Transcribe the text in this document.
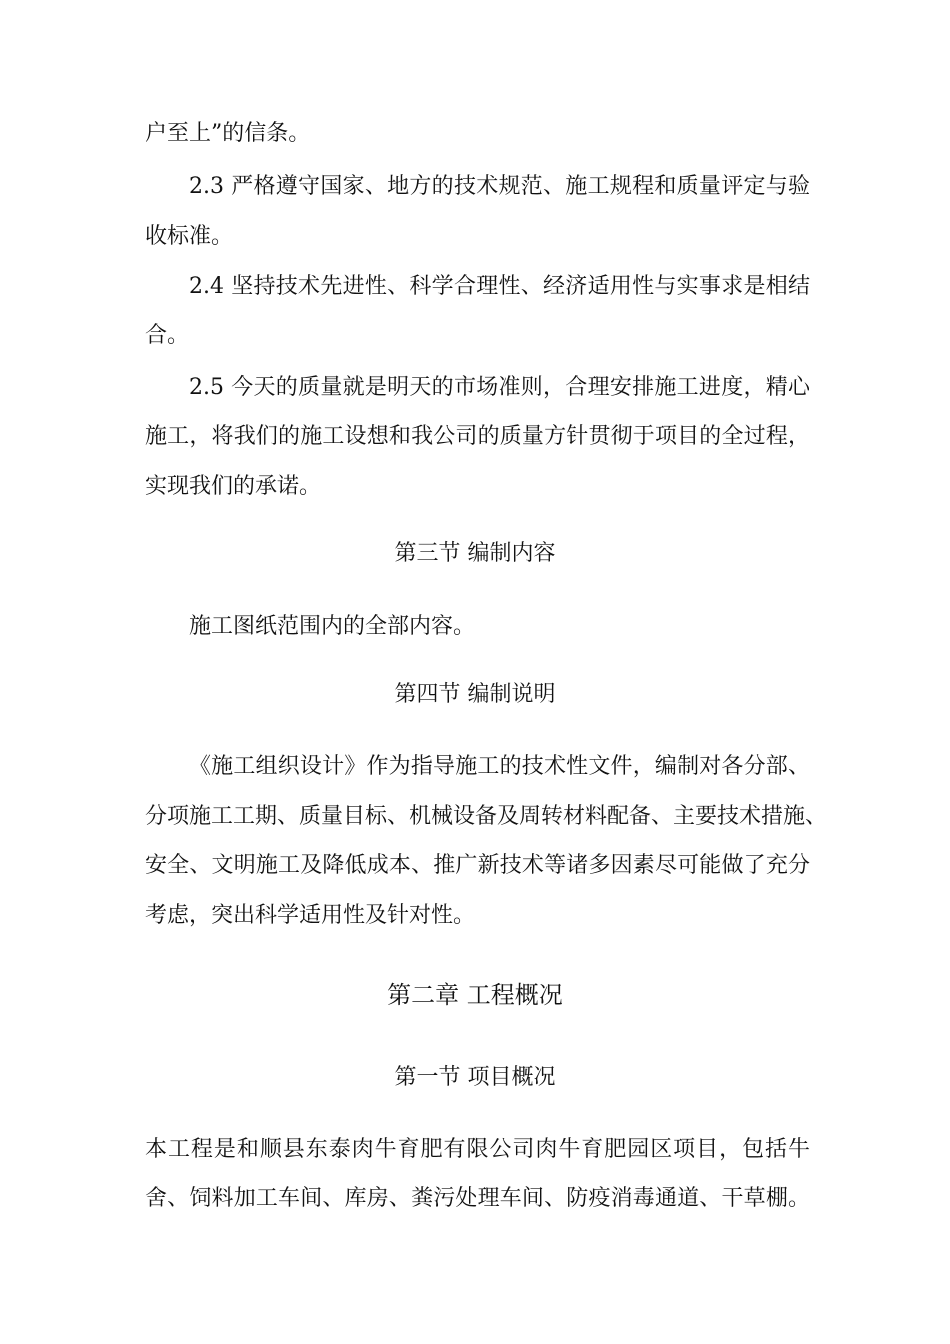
户至上”的信条。
2.3 严格遵守国家、地方的技术规范、施工规程和质量评定与验
收标准。
2.4 坚持技术先进性、科学合理性、经济适用性与实事求是相结
合。
2.5 今天的质量就是明天的市场准则，合理安排施工进度，精心
施工，将我们的施工设想和我公司的质量方针贯彻于项目的全过程，
实现我们的承诺。
第三节 编制内容
施工图纸范围内的全部内容。
第四节 编制说明
《施工组织设计》作为指导施工的技术性文件，编制对各分部、
分项施工工期、质量目标、机械设备及周转材料配备、主要技术措施、
安全、文明施工及降低成本、推广新技术等诸多因素尽可能做了充分
考虑，突出科学适用性及针对性。
第二章 工程概况
第一节 项目概况
本工程是和顺县东泰肉牛育肥有限公司肉牛育肥园区项目，包括牛
舍、饲料加工车间、库房、粪污处理车间、防疫消毒通道、干草棚。
